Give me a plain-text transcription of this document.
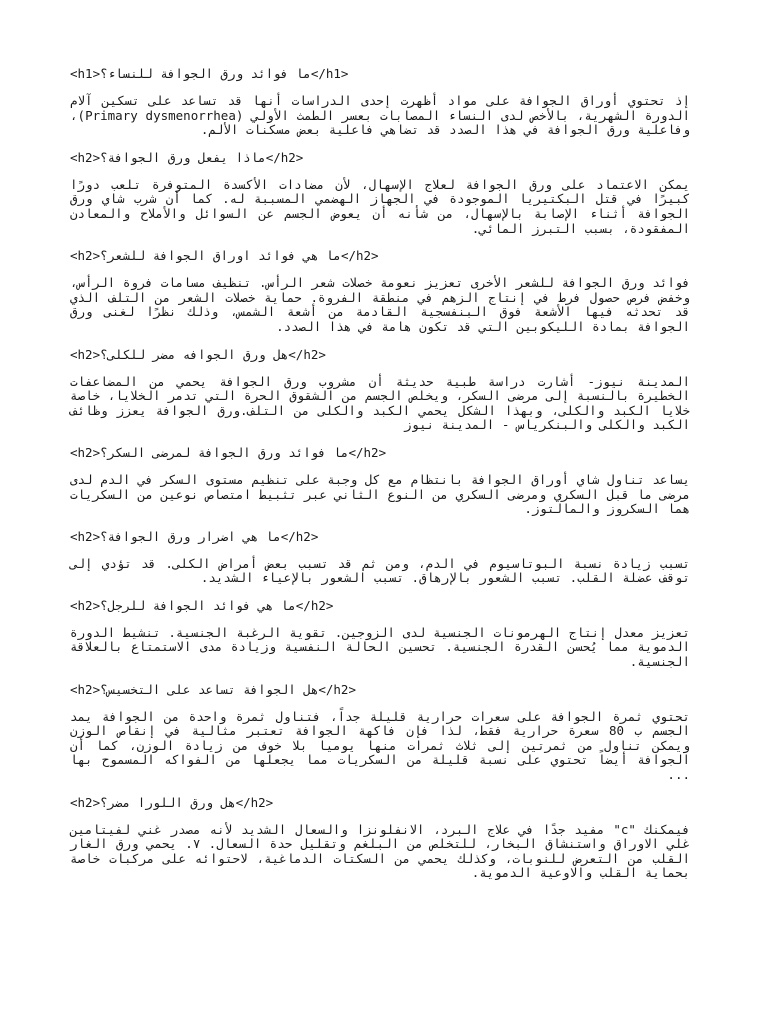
<h1>ما فوائد ورق الجوافة للنساء؟</h1>
إذ تحتوي أوراق الجوافة على مواد أظهرت إحدى الدراسات أنها قد تساعد على تسكين آلام الدورة الشهرية، بالأخص لدى النساء المصابات بعسر الطمث الأولي (Primary dysmenorrhea)، وفاعلية ورق الجوافة في هذا الصدد قد تضاهي فاعلية بعض مسكنات الألم.
<h2>ماذا يفعل ورق الجوافة؟</h2>
يمكن الاعتماد على ورق الجوافة لعلاج الإسهال، لأن مضادات الأكسدة المتوفرة تلعب دورًا كبيرًا في قتل البكتيريا الموجودة في الجهاز الهضمي المسببة له. كما أن شرب شاي ورق الجوافة أثناء الإصابة بالإسهال، من شأنه أن يعوض الجسم عن السوائل والأملاح والمعادن المفقودة، بسبب التبرز المائي.
<h2>ما هي فوائد اوراق الجوافة للشعر؟</h2>
فوائد ورق الجوافة للشعر الأخرى تعزيز نعومة خصلات شعر الرأس. تنظيف مسامات فروة الرأس، وخفض فرص حصول فرط في إنتاج الزهم في منطقة الفروة. حماية خصلات الشعر من التلف الذي قد تحدثه فيها الأشعة فوق البنفسجية القادمة من أشعة الشمس، وذلك نظرًا لغنى ورق الجوافة بمادة الليكوبين التي قد تكون هامة في هذا الصدد.
<h2>هل ورق الجوافه مضر للكلى؟</h2>
المدينة نيوز- أشارت دراسة طبية حديثة أن مشروب ورق الجوافة يحمي من المضاعفات الخطيرة بالنسبة إلى مرضى السكر، ويخلص الجسم من الشقوق الحرة التي تدمر الخلايا، خاصة خلايا الكبد والكلى، وبهذا الشكل يحمي الكبد والكلى من التلف.ورق الجوافة يعزز وظائف الكبد والكلى والبنكرياس - المدينة نيوز
<h2>ما فوائد ورق الجوافة لمرضى السكر؟</h2>
يساعد تناول شاي أوراق الجوافة بانتظام مع كل وجبة على تنظيم مستوى السكر في الدم لدى مرضى ما قبل السكري ومرضى السكري من النوع الثاني عبر تثبيط امتصاص نوعين من السكريات هما السكروز والمالتوز.
<h2>ما هي اضرار ورق الجوافة؟</h2>
تسبب زيادة نسبة البوتاسيوم في الدم، ومن ثم قد تسبب بعض أمراض الكلى. قد تؤدي إلى توقف عضلة القلب. تسبب الشعور بالإرهاق. تسبب الشعور بالإعياء الشديد.
<h2>ما هي فوائد الجوافة للرجل؟</h2>
تعزيز معدل إنتاج الهرمونات الجنسية لدى الزوجين. تقوية الرغبة الجنسية. تنشيط الدورة الدموية مما يُحسن القدرة الجنسية. تحسين الحالة النفسية وزيادة مدى الاستمتاع بالعلاقة الجنسية.
<h2>هل الجوافة تساعد على التخسيس؟</h2>
تحتوي ثمرة الجوافة على سعرات حرارية قليلة جداً، فتناول ثمرة واحدة من الجوافة يمد الجسم ب 80 سعرة حرارية فقط، لذا فإن فاكهة الجوافة تعتبر مثالية في إنقاص الوزن ويمكن تناول من ثمرتين إلى ثلاث ثمرات منها يوميا بلا خوف من زيادة الوزن، كما أن الجوافة أيضاً تحتوي على نسبة قليلة من السكريات مما يجعلها من الفواكه المسموح بها ...
<h2>هل ورق اللورا مضر؟</h2>
فيمكنك "c" مفيد جدًا في علاج البرد، الانفلونزا والسعال الشديد لأنه مصدر غني لفيتامين غلي الاوراق واستنشاق البخار، للتخلص من البلغم وتقليل حدة السعال. ٧. يحمي ورق الغار القلب من التعرض للنوبات، وكذلك يحمي من السكتات الدماغية، لاحتوائه على مركبات خاصة بحماية القلب والاوعية الدموية.
